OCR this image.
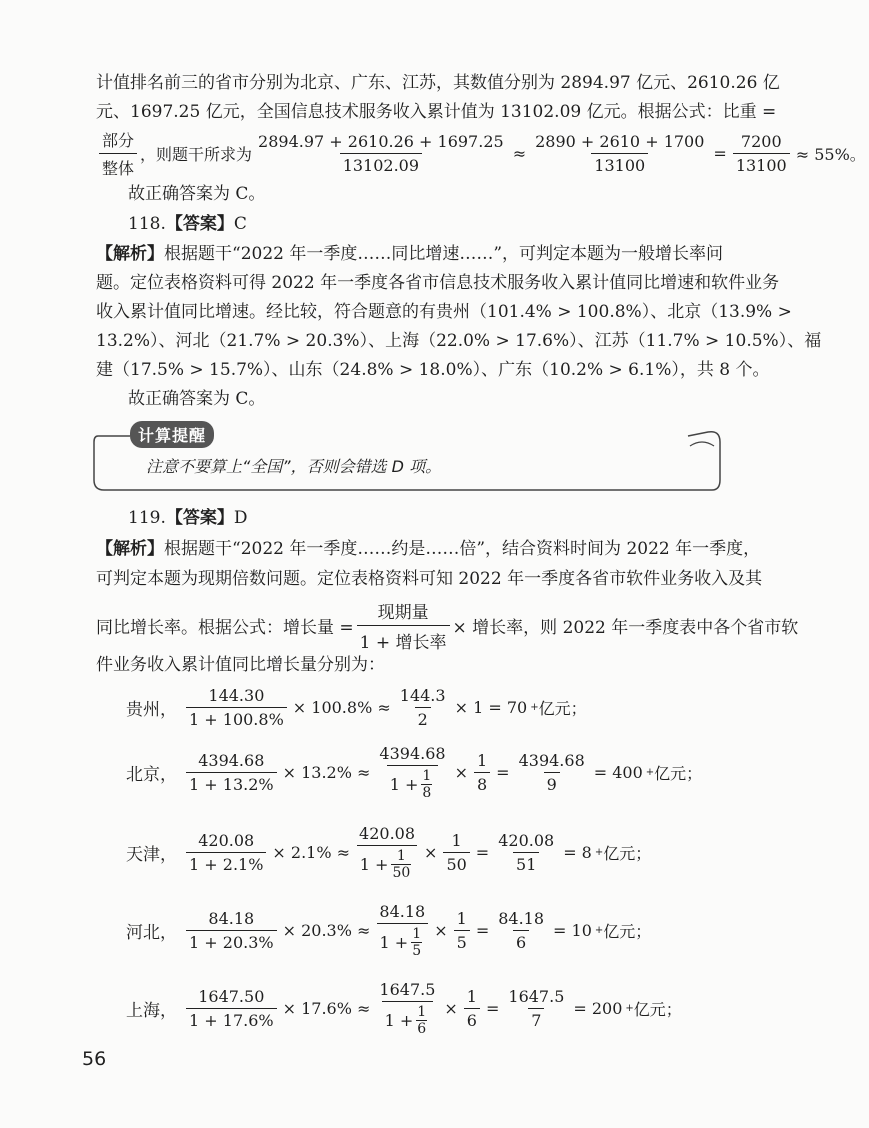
计值排名前三的省市分别为北京、广东、江苏，其数值分别为 2894.97 亿元、2610.26 亿
元、1697.25 亿元，全国信息技术服务收入累计值为 13102.09 亿元。根据公式：比重 =
$\frac{\text{部分}}{\text{整体}}$ ，则题干所求为 $\frac{2894.97 + 2610.26 + 1697.25}{13102.09} \approx \frac{2890 + 2610 + 1700}{13100} = \frac{7200}{13100} \approx 55\%$。
故正确答案为 C。
118.【答案】C
【解析】根据题干“2022 年一季度……同比增速……”，可判定本题为一般增长率问
题。定位表格资料可得 2022 年一季度各省市信息技术服务收入累计值同比增速和软件业务
收入累计值同比增速。经比较，符合题意的有贵州（101.4% > 100.8%）、北京（13.9% >
13.2%）、河北（21.7% > 20.3%）、上海（22.0% > 17.6%）、江苏（11.7% > 10.5%）、福
建（17.5% > 15.7%）、山东（24.8% > 18.0%）、广东（10.2% > 6.1%），共 8 个。
故正确答案为 C。
计算提醒
注意不要算上“全国”，否则会错选 D 项。
119.【答案】D
【解析】根据题干“2022 年一季度……约是……倍”，结合资料时间为 2022 年一季度，
可判定本题为现期倍数问题。定位表格资料可知 2022 年一季度各省市软件业务收入及其
同比增长率。根据公式：增长量 = $\frac{\text{现期量}}{\text{1 + 增长率}}$ × 增长率，则 2022 年一季度表中各个省市软
件业务收入累计值同比增长量分别为：
贵州， $\frac{144.30}{1 + 100.8\%} \times 100.8\% \approx \frac{144.3}{2} \times 1 = 70$ + 亿元；
北京， $\frac{4394.68}{1 + 13.2\%} \times 13.2\% \approx \frac{4394.68}{1 + \frac{1}{8}} \times \frac{1}{8} = \frac{4394.68}{9} = 400$ + 亿元；
天津， $\frac{420.08}{1 + 2.1\%} \times 2.1\% \approx \frac{420.08}{1 + \frac{1}{50}} \times \frac{1}{50} = \frac{420.08}{51} = 8$ + 亿元；
河北， $\frac{84.18}{1 + 20.3\%} \times 20.3\% \approx \frac{84.18}{1 + \frac{1}{5}} \times \frac{1}{5} = \frac{84.18}{6} = 10$ + 亿元；
上海， $\frac{1647.50}{1 + 17.6\%} \times 17.6\% \approx \frac{1647.5}{1 + \frac{1}{6}} \times \frac{1}{6} = \frac{1647.5}{7} = 200$ + 亿元；
56
